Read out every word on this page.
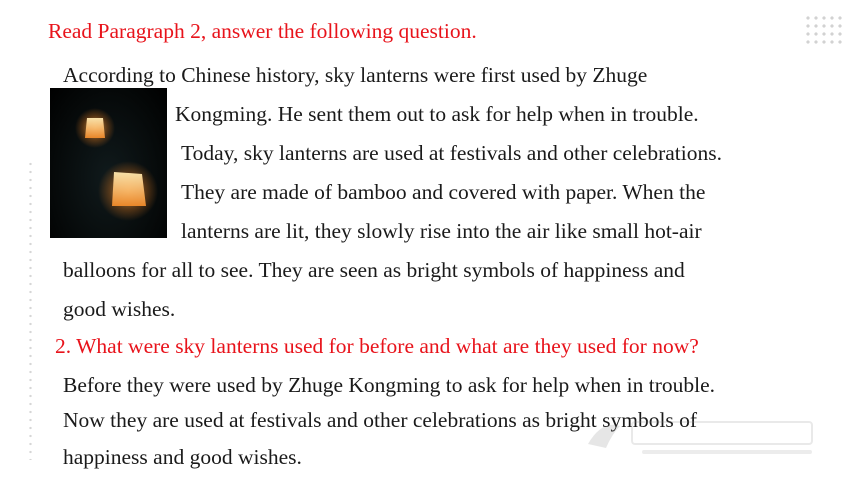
Read Paragraph 2, answer the following question.
According to Chinese history, sky lanterns were first used by Zhuge
Kongming. He sent them out to ask for help when in trouble.
Today, sky lanterns are used at festivals and other celebrations.
They are made of bamboo and covered with paper. When the
lanterns are lit, they slowly rise into the air like small hot-air
balloons for all to see. They are seen as bright symbols of happiness and
good wishes.
2. What were sky lanterns used for before and what are they used for now?
Before they were used by Zhuge Kongming to ask for help when in trouble.
Now they are used at festivals and other celebrations as bright symbols of
happiness and good wishes.
